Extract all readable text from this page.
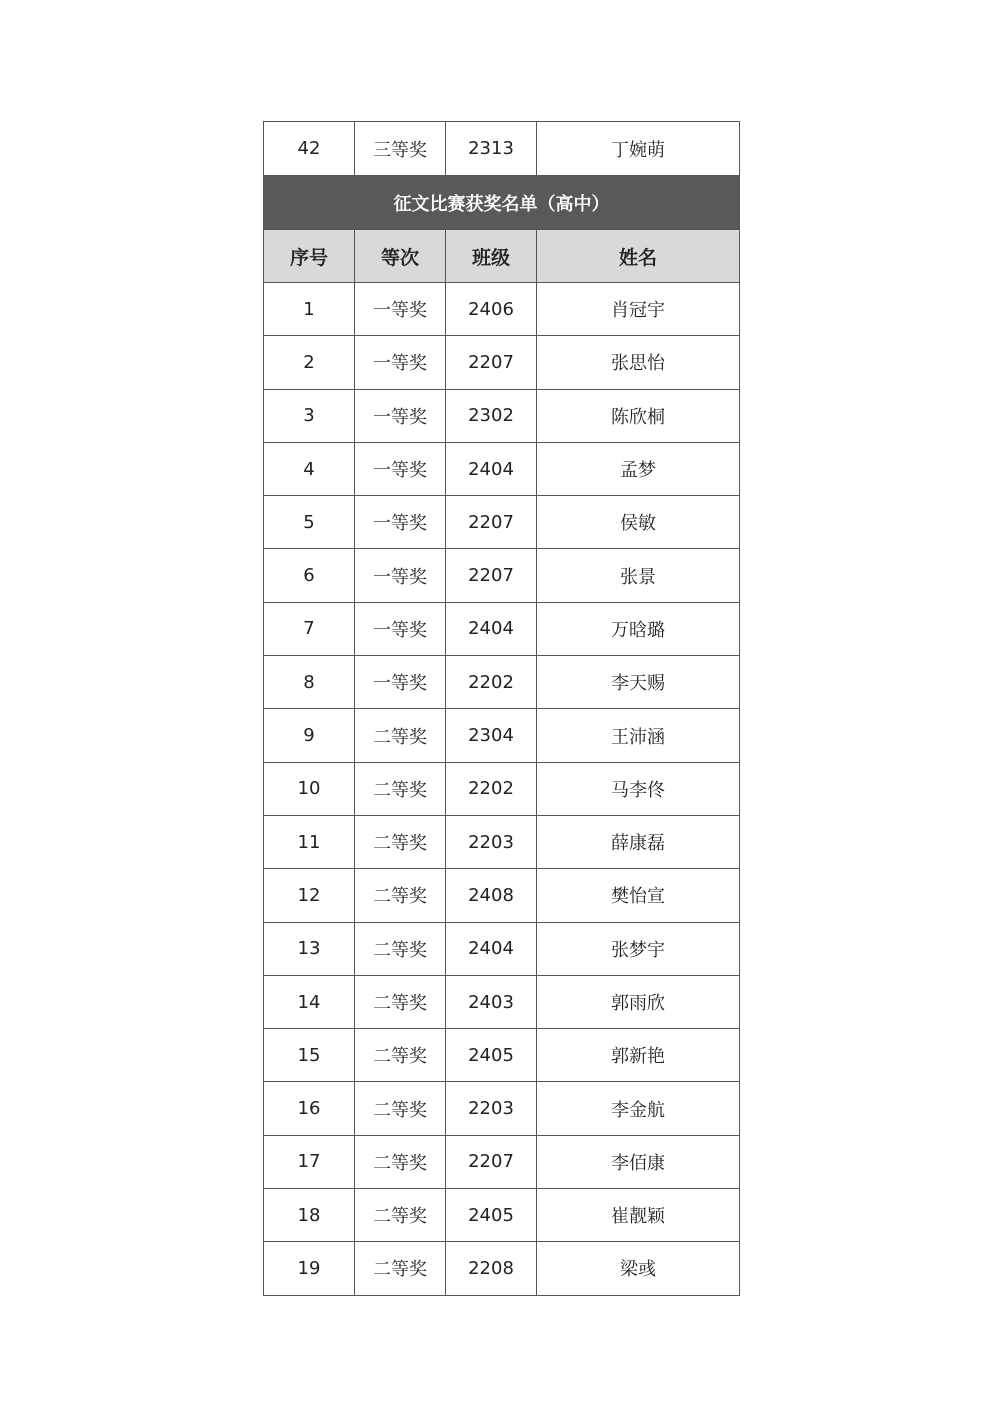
42	三等奖	2313	丁婉萌
征文比赛获奖名单（高中）			
序号	等次	班级	姓名
1	一等奖	2406	肖冠宇
2	一等奖	2207	张思怡
3	一等奖	2302	陈欣桐
4	一等奖	2404	孟梦
5	一等奖	2207	侯敏
6	一等奖	2207	张景
7	一等奖	2404	万晗璐
8	一等奖	2202	李天赐
9	二等奖	2304	王沛涵
10	二等奖	2202	马李佟
11	二等奖	2203	薛康磊
12	二等奖	2408	樊怡宣
13	二等奖	2404	张梦宇
14	二等奖	2403	郭雨欣
15	二等奖	2405	郭新艳
16	二等奖	2203	李金航
17	二等奖	2207	李佰康
18	二等奖	2405	崔靓颖
19	二等奖	2208	梁彧
